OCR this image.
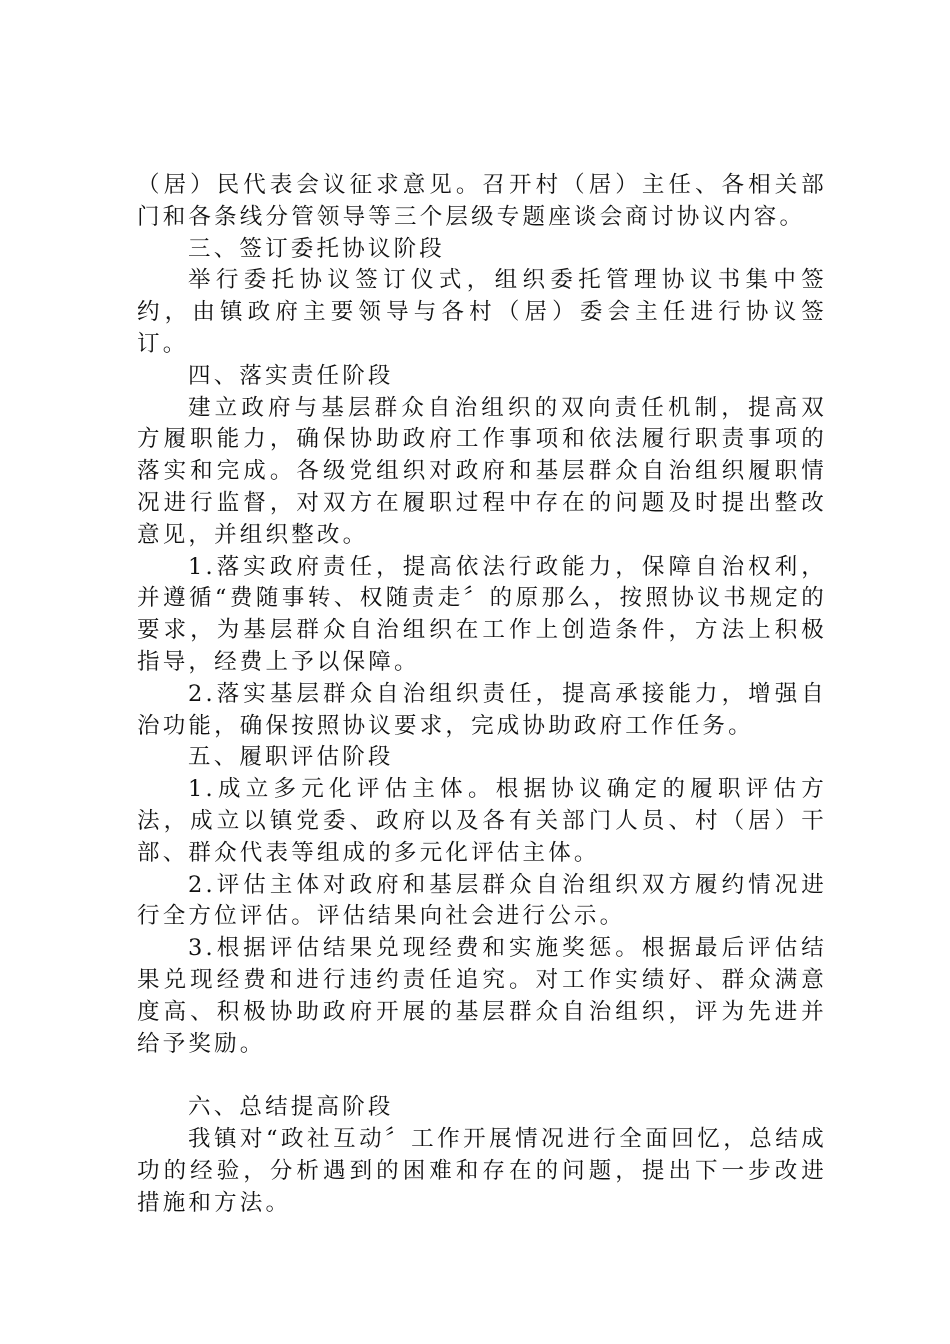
（居）民代表会议征求意见。召开村（居）主任、各相关部门和各条线分管领导等三个层级专题座谈会商讨协议内容。

三、签订委托协议阶段

举行委托协议签订仪式，组织委托管理协议书集中签约，由镇政府主要领导与各村（居）委会主任进行协议签订。

四、落实责任阶段

建立政府与基层群众自治组织的双向责任机制，提高双方履职能力，确保协助政府工作事项和依法履行职责事项的落实和完成。各级党组织对政府和基层群众自治组织履职情况进行监督，对双方在履职过程中存在的问题及时提出整改意见，并组织整改。

1.落实政府责任，提高依法行政能力，保障自治权利，并遵循“费随事转、权随责走〞的原那么，按照协议书规定的要求，为基层群众自治组织在工作上创造条件，方法上积极指导，经费上予以保障。

2.落实基层群众自治组织责任，提高承接能力，增强自治功能，确保按照协议要求，完成协助政府工作任务。

五、履职评估阶段

1.成立多元化评估主体。根据协议确定的履职评估方法，成立以镇党委、政府以及各有关部门人员、村（居）干部、群众代表等组成的多元化评估主体。

2.评估主体对政府和基层群众自治组织双方履约情况进行全方位评估。评估结果向社会进行公示。

3.根据评估结果兑现经费和实施奖惩。根据最后评估结果兑现经费和进行违约责任追究。对工作实绩好、群众满意度高、积极协助政府开展的基层群众自治组织，评为先进并给予奖励。

六、总结提高阶段

我镇对“政社互动〞工作开展情况进行全面回忆，总结成功的经验，分析遇到的困难和存在的问题，提出下一步改进措施和方法。
